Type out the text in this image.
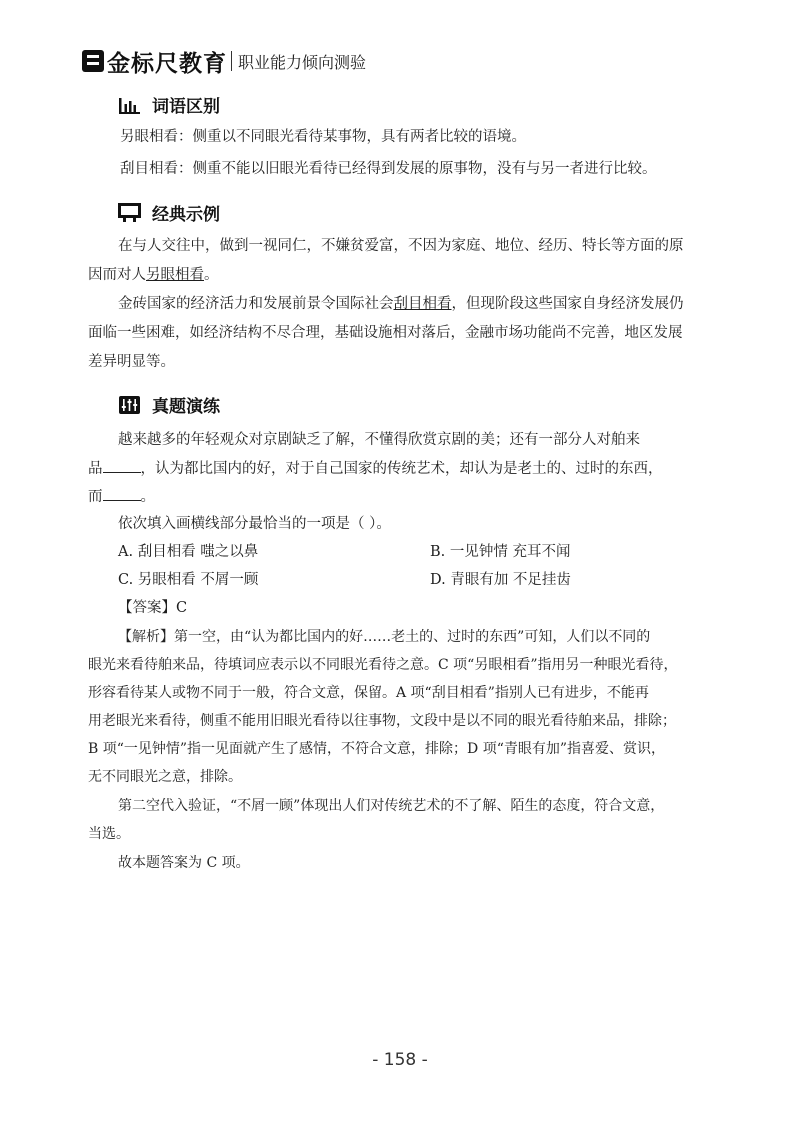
金标尺教育 职业能力倾向测验
词语区别
另眼相看：侧重以不同眼光看待某事物，具有两者比较的语境。
刮目相看：侧重不能以旧眼光看待已经得到发展的原事物，没有与另一者进行比较。
经典示例
在与人交往中，做到一视同仁，不嫌贫爱富，不因为家庭、地位、经历、特长等方面的原
因而对人另眼相看。
金砖国家的经济活力和发展前景令国际社会刮目相看，但现阶段这些国家自身经济发展仍
面临一些困难，如经济结构不尽合理，基础设施相对落后，金融市场功能尚不完善，地区发展
差异明显等。
真题演练
越来越多的年轻观众对京剧缺乏了解，不懂得欣赏京剧的美；还有一部分人对舶来
品	，认为都比国内的好，对于自己国家的传统艺术，却认为是老土的、过时的东西，
而	。
依次填入画横线部分最恰当的一项是（ ）。
A. 刮目相看 嗤之以鼻	B. 一见钟情 充耳不闻
C. 另眼相看 不屑一顾	D. 青眼有加 不足挂齿
【答案】C
【解析】第一空，由“认为都比国内的好……老土的、过时的东西”可知，人们以不同的
眼光来看待舶来品，待填词应表示以不同眼光看待之意。C 项“另眼相看”指用另一种眼光看待，
形容看待某人或物不同于一般，符合文意，保留。A 项“刮目相看”指别人已有进步，不能再
用老眼光来看待，侧重不能用旧眼光看待以往事物，文段中是以不同的眼光看待舶来品，排除；
B 项“一见钟情”指一见面就产生了感情，不符合文意，排除；D 项“青眼有加”指喜爱、赏识，
无不同眼光之意，排除。
第二空代入验证，“不屑一顾”体现出人们对传统艺术的不了解、陌生的态度，符合文意，
当选。
故本题答案为 C 项。
- 158 -
